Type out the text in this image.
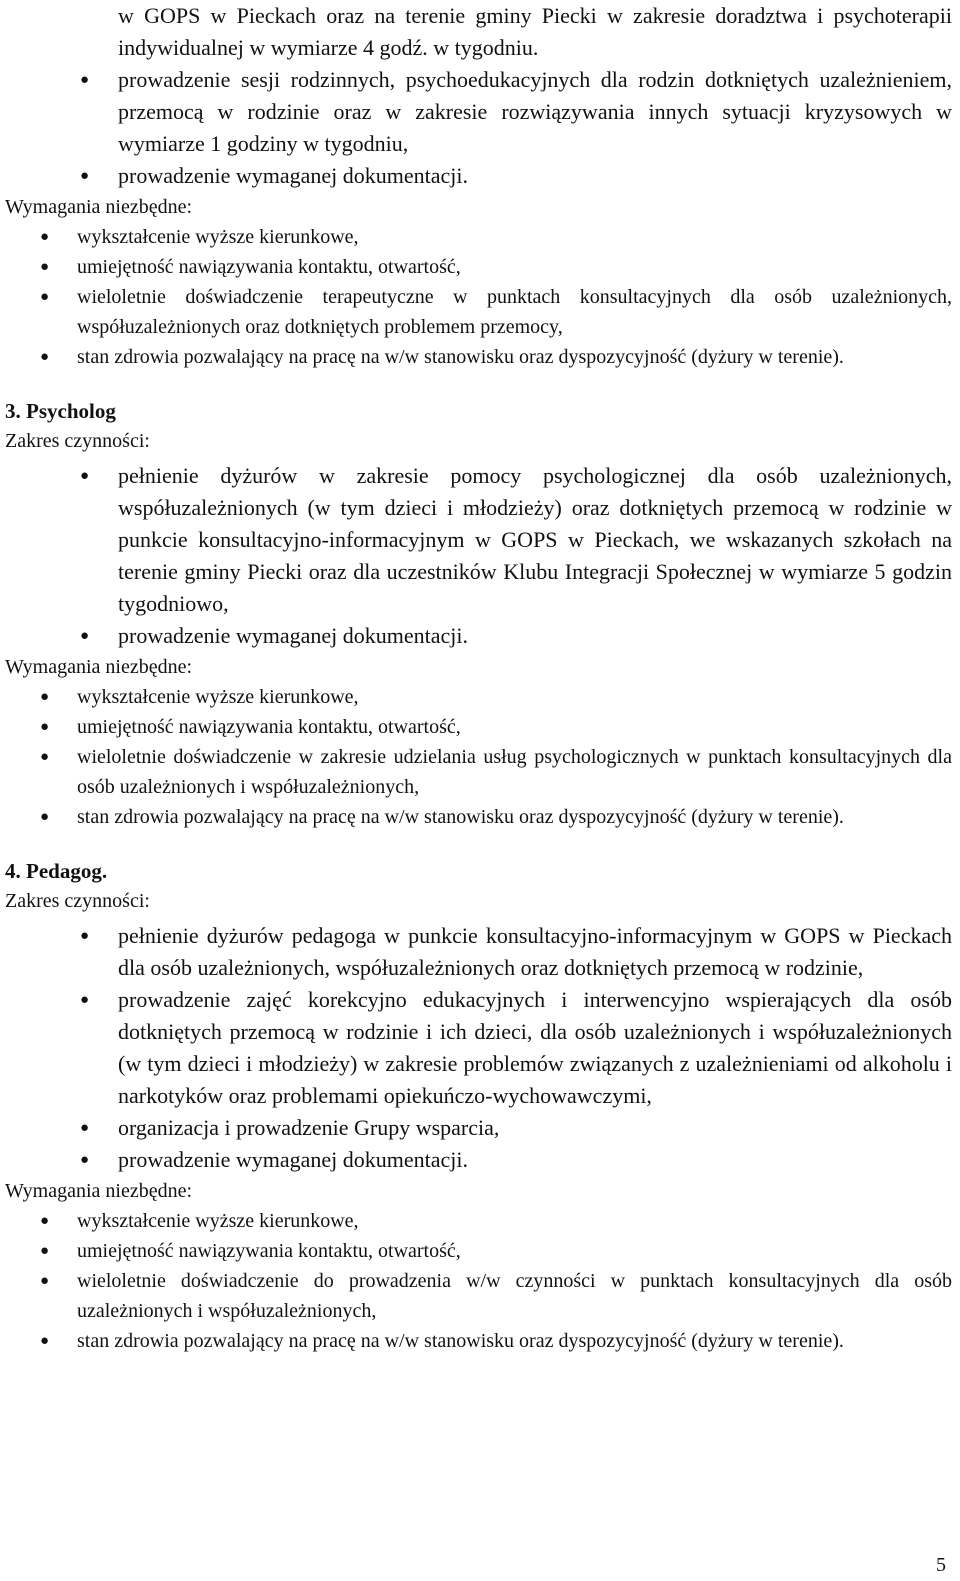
w GOPS w Pieckach oraz na terenie gminy Piecki w zakresie doradztwa i psychoterapii indywidualnej w wymiarze 4 godź. w tygodniu.
● prowadzenie sesji rodzinnych, psychoedukacyjnych dla rodzin dotkniętych uzależnieniem, przemocą w rodzinie oraz w zakresie rozwiązywania innych sytuacji kryzysowych w wymiarze 1 godziny w tygodniu,
● prowadzenie wymaganej dokumentacji.
Wymagania niezbędne:
● wykształcenie wyższe kierunkowe,
● umiejętność nawiązywania kontaktu, otwartość,
● wieloletnie doświadczenie terapeutyczne w punktach konsultacyjnych dla osób uzależnionych, współuzależnionych oraz dotkniętych problemem przemocy,
● stan zdrowia pozwalający na pracę na w/w stanowisku oraz dyspozycyjność (dyżury w terenie).
3. Psycholog
Zakres czynności:
● pełnienie dyżurów w zakresie pomocy psychologicznej dla osób uzależnionych, współuzależnionych (w tym dzieci i młodzieży) oraz dotkniętych przemocą w rodzinie w punkcie konsultacyjno-informacyjnym w GOPS w Pieckach, we wskazanych szkołach na terenie gminy Piecki oraz dla uczestników Klubu Integracji Społecznej w wymiarze 5 godzin tygodniowo,
● prowadzenie wymaganej dokumentacji.
Wymagania niezbędne:
● wykształcenie wyższe kierunkowe,
● umiejętność nawiązywania kontaktu, otwartość,
● wieloletnie doświadczenie w zakresie udzielania usług psychologicznych w punktach konsultacyjnych dla osób uzależnionych i współuzależnionych,
● stan zdrowia pozwalający na pracę na w/w stanowisku oraz dyspozycyjność (dyżury w terenie).
4. Pedagog.
Zakres czynności:
● pełnienie dyżurów pedagoga w punkcie konsultacyjno-informacyjnym w GOPS w Pieckach dla osób uzależnionych, współuzależnionych oraz dotkniętych przemocą w rodzinie,
● prowadzenie zajęć korekcyjno edukacyjnych i interwencyjno wspierających dla osób dotkniętych przemocą w rodzinie i ich dzieci, dla osób uzależnionych i współuzależnionych (w tym dzieci i młodzieży) w zakresie problemów związanych z uzależnieniami od alkoholu i narkotyków oraz problemami opiekuńczo-wychowawczymi,
● organizacja i prowadzenie Grupy wsparcia,
● prowadzenie wymaganej dokumentacji.
Wymagania niezbędne:
● wykształcenie wyższe kierunkowe,
● umiejętność nawiązywania kontaktu, otwartość,
● wieloletnie doświadczenie do prowadzenia w/w czynności w punktach konsultacyjnych dla osób uzależnionych i współuzależnionych,
● stan zdrowia pozwalający na pracę na w/w stanowisku oraz dyspozycyjność (dyżury w terenie).
5
